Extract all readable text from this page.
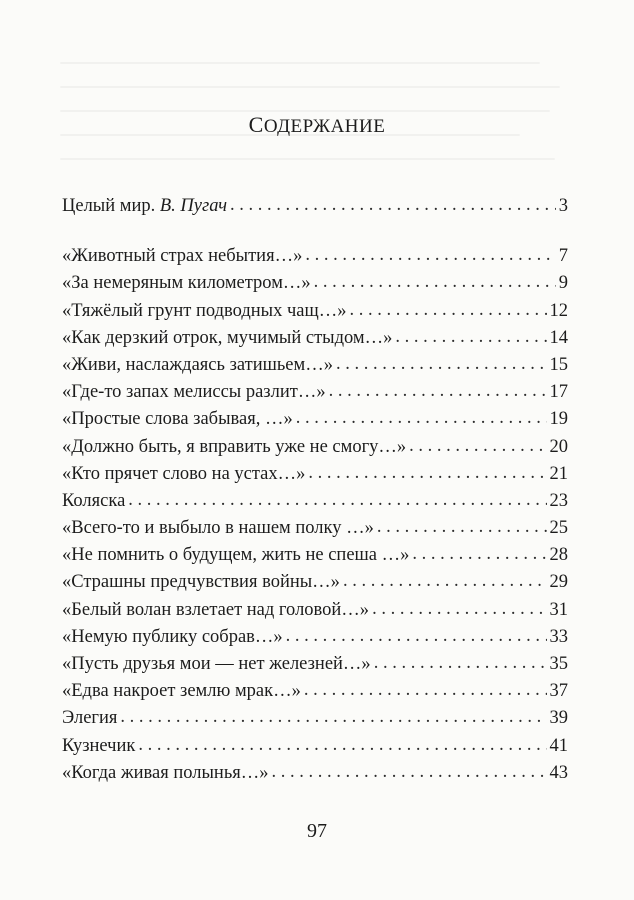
СОДЕРЖАНИЕ
Целый мир. В. Пугач . . .	3
«Животный страх небытия…» . . .	7
«За немеряным километром…» . . .	9
«Тяжёлый грунт подводных чащ…» . . .	12
«Как дерзкий отрок, мучимый стыдом…» . . .	14
«Живи, наслаждаясь затишьем…» . . .	15
«Где-то запах мелиссы разлит…» . . .	17
«Простые слова забывая, …» . . .	19
«Должно быть, я вправить уже не смогу…» . . .	20
«Кто прячет слово на устах…» . . .	21
Коляска . . .	23
«Всего-то и выбыло в нашем полку …» . . .	25
«Не помнить о будущем, жить не спеша …» . . .	28
«Страшны предчувствия войны…» . . .	29
«Белый волан взлетает над головой…» . . .	31
«Немую публику собрав…» . . .	33
«Пусть друзья мои — нет железней…» . . .	35
«Едва накроет землю мрак…» . . .	37
Элегия . . .	39
Кузнечик . . .	41
«Когда живая полынья…» . . .	43
97
